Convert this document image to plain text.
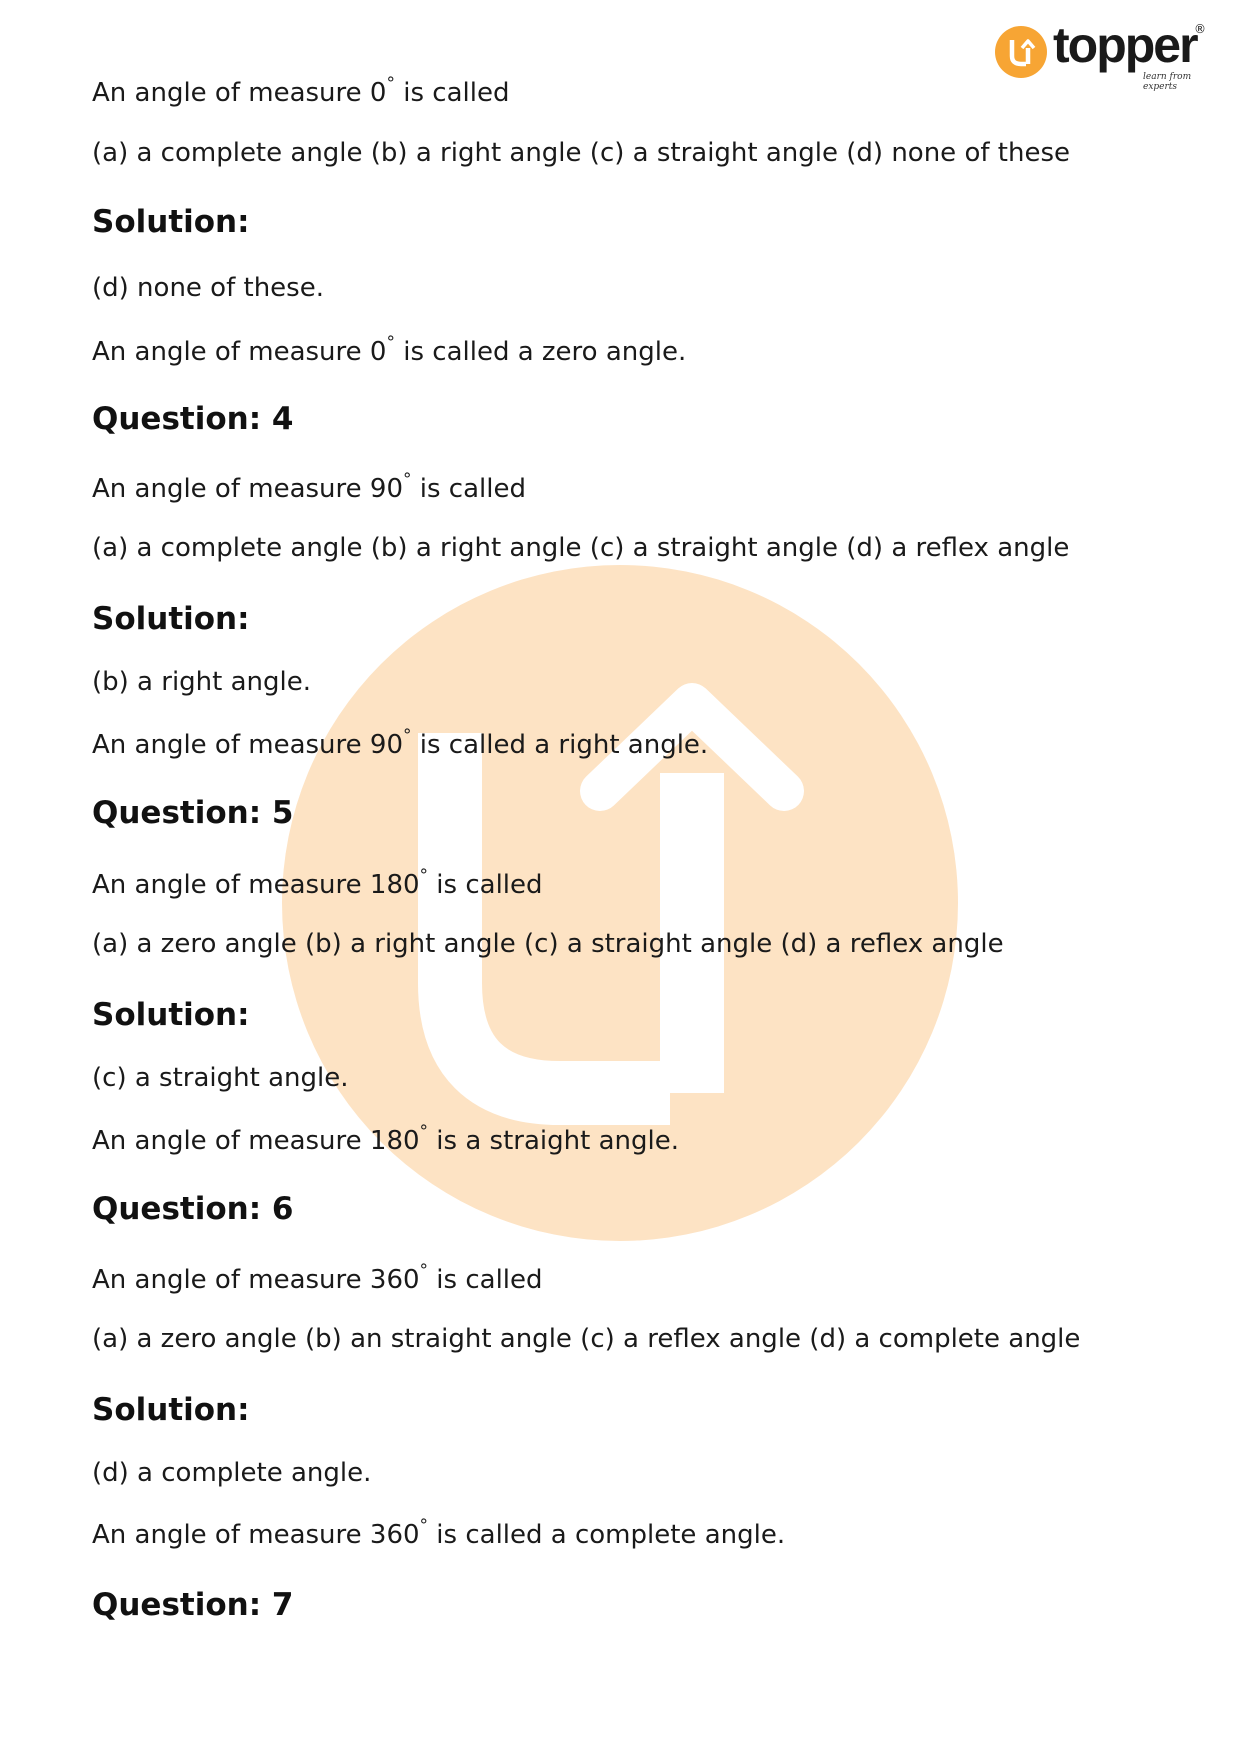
topper
®
learn from experts
An angle of measure 0° is called
(a) a complete angle (b) a right angle (c) a straight angle (d) none of these
Solution:
(d) none of these.
An angle of measure 0° is called a zero angle.
Question: 4
An angle of measure 90° is called
(a) a complete angle (b) a right angle (c) a straight angle (d) a reflex angle
Solution:
(b) a right angle.
An angle of measure 90° is called a right angle.
Question: 5
An angle of measure 180° is called
(a) a zero angle (b) a right angle (c) a straight angle (d) a reflex angle
Solution:
(c) a straight angle.
An angle of measure 180° is a straight angle.
Question: 6
An angle of measure 360° is called
(a) a zero angle (b) an straight angle (c) a reflex angle (d) a complete angle
Solution:
(d) a complete angle.
An angle of measure 360° is called a complete angle.
Question: 7
